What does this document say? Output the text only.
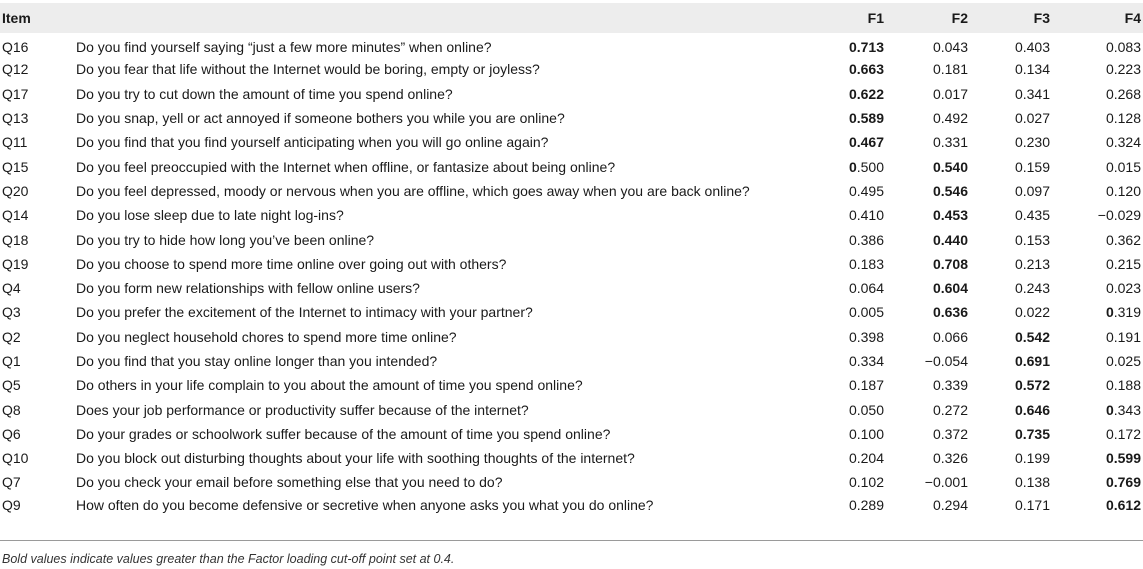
Item		F1	F2	F3	F4
Q16	Do you find yourself saying “just a few more minutes” when online?	0.713	0.043	0.403	0.083
Q12	Do you fear that life without the Internet would be boring, empty or joyless?	0.663	0.181	0.134	0.223
Q17	Do you try to cut down the amount of time you spend online?	0.622	0.017	0.341	0.268
Q13	Do you snap, yell or act annoyed if someone bothers you while you are online?	0.589	0.492	0.027	0.128
Q11	Do you find that you find yourself anticipating when you will go online again?	0.467	0.331	0.230	0.324
Q15	Do you feel preoccupied with the Internet when offline, or fantasize about being online?	0.500	0.540	0.159	0.015
Q20	Do you feel depressed, moody or nervous when you are offline, which goes away when you are back online?	0.495	0.546	0.097	0.120
Q14	Do you lose sleep due to late night log-ins?	0.410	0.453	0.435	−0.029
Q18	Do you try to hide how long you’ve been online?	0.386	0.440	0.153	0.362
Q19	Do you choose to spend more time online over going out with others?	0.183	0.708	0.213	0.215
Q4	Do you form new relationships with fellow online users?	0.064	0.604	0.243	0.023
Q3	Do you prefer the excitement of the Internet to intimacy with your partner?	0.005	0.636	0.022	0.319
Q2	Do you neglect household chores to spend more time online?	0.398	0.066	0.542	0.191
Q1	Do you find that you stay online longer than you intended?	0.334	−0.054	0.691	0.025
Q5	Do others in your life complain to you about the amount of time you spend online?	0.187	0.339	0.572	0.188
Q8	Does your job performance or productivity suffer because of the internet?	0.050	0.272	0.646	0.343
Q6	Do your grades or schoolwork suffer because of the amount of time you spend online?	0.100	0.372	0.735	0.172
Q10	Do you block out disturbing thoughts about your life with soothing thoughts of the internet?	0.204	0.326	0.199	0.599
Q7	Do you check your email before something else that you need to do?	0.102	−0.001	0.138	0.769
Q9	How often do you become defensive or secretive when anyone asks you what you do online?	0.289	0.294	0.171	0.612
Bold values indicate values greater than the Factor loading cut-off point set at 0.4.
